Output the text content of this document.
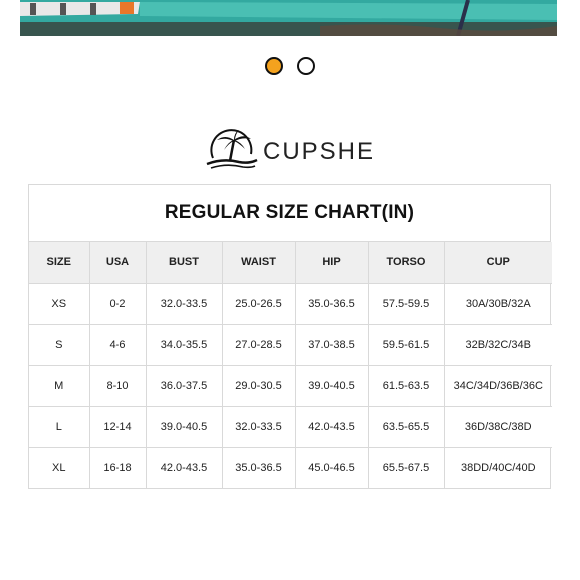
CUPSHE
REGULAR SIZE CHART(IN)
SIZE	USA	BUST	WAIST	HIP	TORSO	CUP
XS	0-2	32.0-33.5	25.0-26.5	35.0-36.5	57.5-59.5	30A/30B/32A
S	4-6	34.0-35.5	27.0-28.5	37.0-38.5	59.5-61.5	32B/32C/34B
M	8-10	36.0-37.5	29.0-30.5	39.0-40.5	61.5-63.5	34C/34D/36B/36C
L	12-14	39.0-40.5	32.0-33.5	42.0-43.5	63.5-65.5	36D/38C/38D
XL	16-18	42.0-43.5	35.0-36.5	45.0-46.5	65.5-67.5	38DD/40C/40D
